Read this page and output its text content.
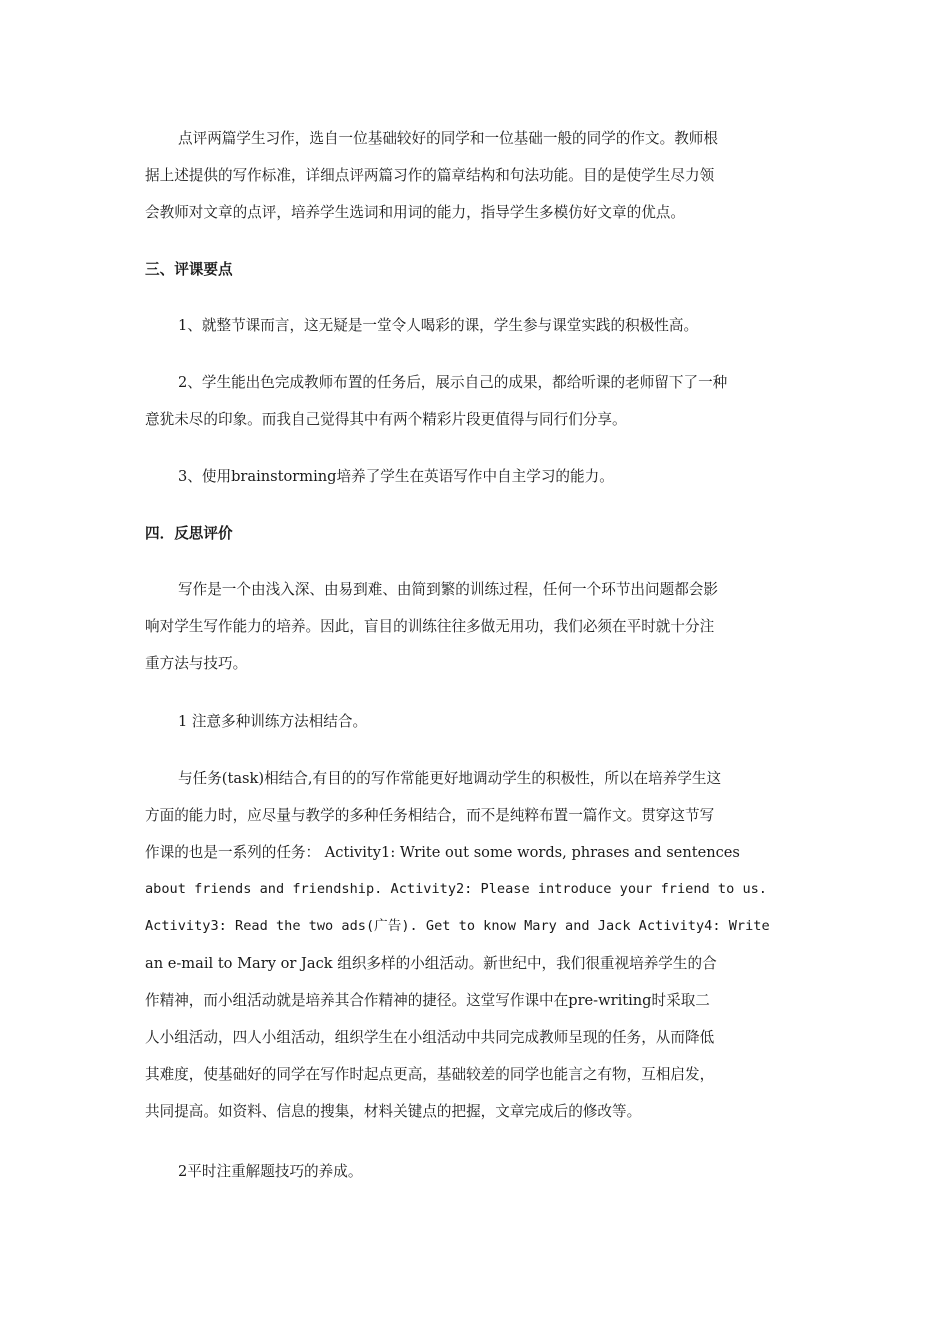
点评两篇学生习作，选自一位基础较好的同学和一位基础一般的同学的作文。教师根
据上述提供的写作标准，详细点评两篇习作的篇章结构和句法功能。目的是使学生尽力领
会教师对文章的点评，培养学生选词和用词的能力，指导学生多模仿好文章的优点。
三、评课要点
1、就整节课而言，这无疑是一堂令人喝彩的课，学生参与课堂实践的积极性高。
2、学生能出色完成教师布置的任务后，展示自己的成果，都给听课的老师留下了一种
意犹未尽的印象。而我自己觉得其中有两个精彩片段更值得与同行们分享。
3、使用brainstorming培养了学生在英语写作中自主学习的能力。
四．反思评价
写作是一个由浅入深、由易到难、由简到繁的训练过程，任何一个环节出问题都会影
响对学生写作能力的培养。因此，盲目的训练往往多做无用功，我们必须在平时就十分注
重方法与技巧。
1 注意多种训练方法相结合。
与任务(task)相结合,有目的的写作常能更好地调动学生的积极性，所以在培养学生这
方面的能力时，应尽量与教学的多种任务相结合，而不是纯粹布置一篇作文。贯穿这节写
作课的也是一系列的任务： Activity1: Write out some words, phrases and sentences
about friends and friendship. Activity2: Please introduce your friend to us.
Activity3: Read the two ads(广告). Get to know Mary and Jack Activity4: Write
an e-mail to Mary or Jack 组织多样的小组活动。新世纪中，我们很重视培养学生的合
作精神，而小组活动就是培养其合作精神的捷径。这堂写作课中在pre-writing时采取二
人小组活动，四人小组活动，组织学生在小组活动中共同完成教师呈现的任务，从而降低
其难度，使基础好的同学在写作时起点更高，基础较差的同学也能言之有物，互相启发，
共同提高。如资料、信息的搜集，材料关键点的把握，文章完成后的修改等。
2平时注重解题技巧的养成。
